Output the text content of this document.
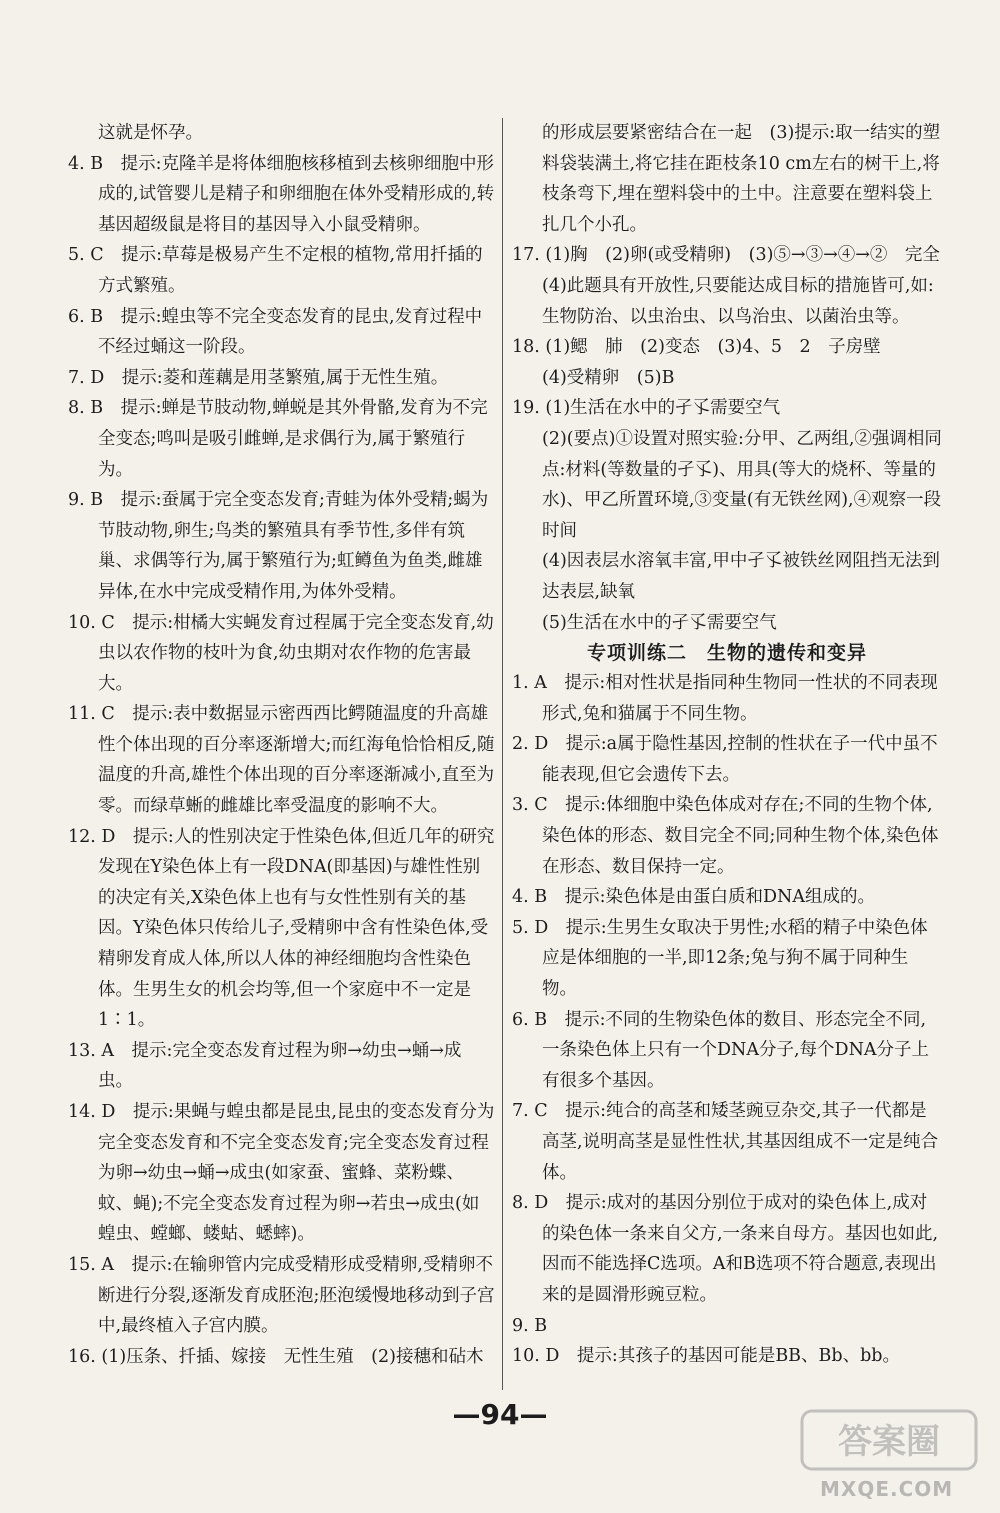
这就是怀孕。

4. B　提示:克隆羊是将体细胞核移植到去核卵细胞中形成的,试管婴儿是精子和卵细胞在体外受精形成的,转基因超级鼠是将目的基因导入小鼠受精卵。

5. C　提示:草莓是极易产生不定根的植物,常用扦插的方式繁殖。

6. B　提示:蝗虫等不完全变态发育的昆虫,发育过程中不经过蛹这一阶段。

7. D　提示:菱和莲藕是用茎繁殖,属于无性生殖。

8. B　提示:蝉是节肢动物,蝉蜕是其外骨骼,发育为不完全变态;鸣叫是吸引雌蝉,是求偶行为,属于繁殖行为。

9. B　提示:蚕属于完全变态发育;青蛙为体外受精;蝎为节肢动物,卵生;鸟类的繁殖具有季节性,多伴有筑巢、求偶等行为,属于繁殖行为;虹鳟鱼为鱼类,雌雄异体,在水中完成受精作用,为体外受精。

10. C　提示:柑橘大实蝇发育过程属于完全变态发育,幼虫以农作物的枝叶为食,幼虫期对农作物的危害最大。

11. C　提示:表中数据显示密西西比鳄随温度的升高雄性个体出现的百分率逐渐增大;而红海龟恰恰相反,随温度的升高,雄性个体出现的百分率逐渐减小,直至为零。而绿草蜥的雌雄比率受温度的影响不大。

12. D　提示:人的性别决定于性染色体,但近几年的研究发现在Y染色体上有一段DNA(即基因)与雄性性别的决定有关,X染色体上也有与女性性别有关的基因。Y染色体只传给儿子,受精卵中含有性染色体,受精卵发育成人体,所以人体的神经细胞均含性染色体。生男生女的机会均等,但一个家庭中不一定是1∶1。

13. A　提示:完全变态发育过程为卵→幼虫→蛹→成虫。

14. D　提示:果蝇与蝗虫都是昆虫,昆虫的变态发育分为完全变态发育和不完全变态发育;完全变态发育过程为卵→幼虫→蛹→成虫(如家蚕、蜜蜂、菜粉蝶、蚊、蝇);不完全变态发育过程为卵→若虫→成虫(如蝗虫、螳螂、蝼蛄、蟋蟀)。

15. A　提示:在输卵管内完成受精形成受精卵,受精卵不断进行分裂,逐渐发育成胚泡;胚泡缓慢地移动到子宫中,最终植入子宫内膜。

16. (1)压条、扦插、嫁接　无性生殖　(2)接穗和砧木

的形成层要紧密结合在一起　(3)提示:取一结实的塑料袋装满土,将它挂在距枝条10 cm左右的树干上,将枝条弯下,埋在塑料袋中的土中。注意要在塑料袋上扎几个小孔。

17. (1)胸　(2)卵(或受精卵)　(3)⑤→③→④→②　完全　(4)此题具有开放性,只要能达成目标的措施皆可,如:生物防治、以虫治虫、以鸟治虫、以菌治虫等。

18. (1)鳃　肺　(2)变态　(3)4、5　2　子房壁

(4)受精卵　(5)B

19. (1)生活在水中的孑孓需要空气

(2)(要点)①设置对照实验:分甲、乙两组,②强调相同点:材料(等数量的孑孓)、用具(等大的烧杯、等量的水)、甲乙所置环境,③变量(有无铁丝网),④观察一段时间

(4)因表层水溶氧丰富,甲中孑孓被铁丝网阻挡无法到达表层,缺氧

(5)生活在水中的孑孓需要空气

专项训练二　生物的遗传和变异

1. A　提示:相对性状是指同种生物同一性状的不同表现形式,兔和猫属于不同生物。

2. D　提示:a属于隐性基因,控制的性状在子一代中虽不能表现,但它会遗传下去。

3. C　提示:体细胞中染色体成对存在;不同的生物个体,染色体的形态、数目完全不同;同种生物个体,染色体在形态、数目保持一定。

4. B　提示:染色体是由蛋白质和DNA组成的。

5. D　提示:生男生女取决于男性;水稻的精子中染色体应是体细胞的一半,即12条;兔与狗不属于同种生物。

6. B　提示:不同的生物染色体的数目、形态完全不同,一条染色体上只有一个DNA分子,每个DNA分子上有很多个基因。

7. C　提示:纯合的高茎和矮茎豌豆杂交,其子一代都是高茎,说明高茎是显性性状,其基因组成不一定是纯合体。

8. D　提示:成对的基因分别位于成对的染色体上,成对的染色体一条来自父方,一条来自母方。基因也如此,因而不能选择C选项。A和B选项不符合题意,表现出来的是圆滑形豌豆粒。

9. B

10. D　提示:其孩子的基因可能是BB、Bb、bb。

—94—
答案圈
MXQE.COM
